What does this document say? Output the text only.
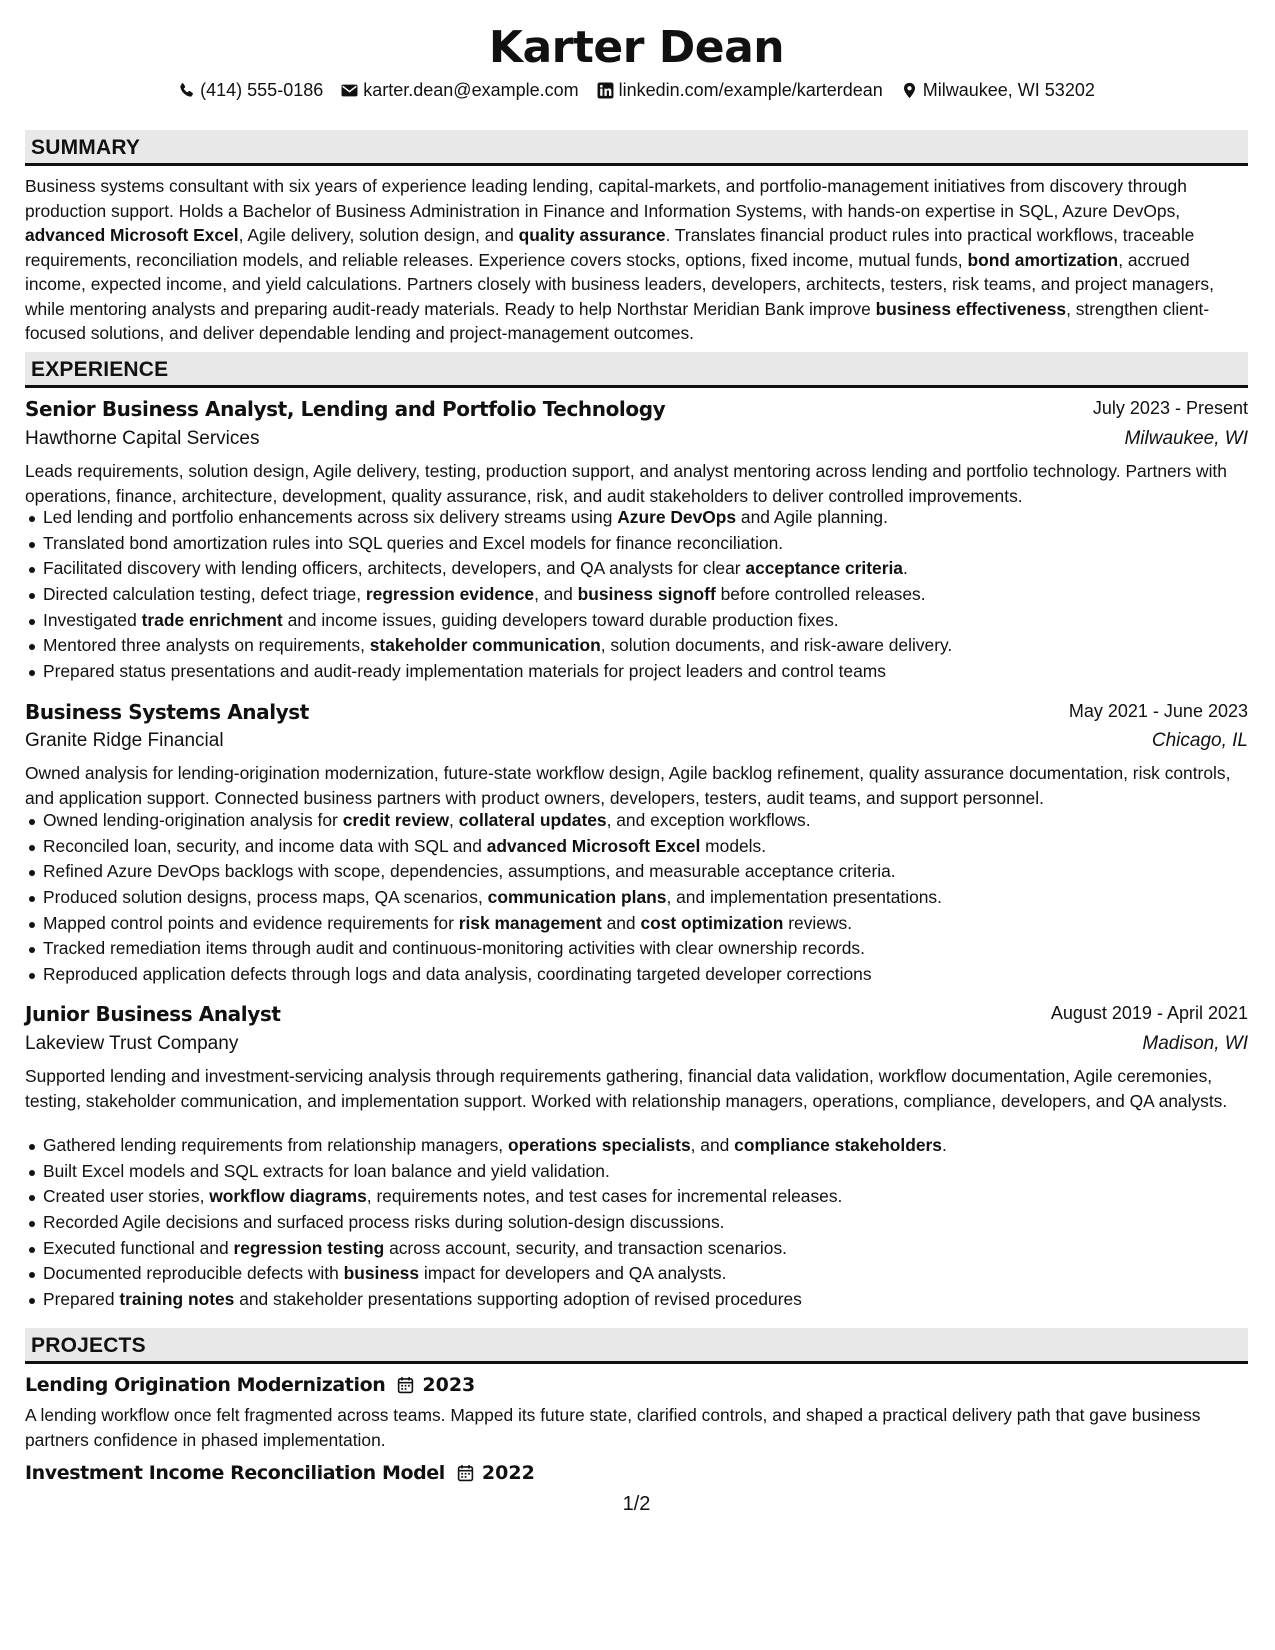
Karter Dean
(414) 555-0186 karter.dean@example.com linkedin.com/example/karterdean Milwaukee, WI 53202
SUMMARY
Business systems consultant with six years of experience leading lending, capital-markets, and portfolio-management initiatives from discovery through production support. Holds a Bachelor of Business Administration in Finance and Information Systems, with hands-on expertise in SQL, Azure DevOps, advanced Microsoft Excel, Agile delivery, solution design, and quality assurance. Translates financial product rules into practical workflows, traceable requirements, reconciliation models, and reliable releases. Experience covers stocks, options, fixed income, mutual funds, bond amortization, accrued income, expected income, and yield calculations. Partners closely with business leaders, developers, architects, testers, risk teams, and project managers, while mentoring analysts and preparing audit-ready materials. Ready to help Northstar Meridian Bank improve business effectiveness, strengthen client-focused solutions, and deliver dependable lending and project-management outcomes.
EXPERIENCE
Senior Business Analyst, Lending and Portfolio Technology	July 2023 - Present
Hawthorne Capital Services	Milwaukee, WI
Leads requirements, solution design, Agile delivery, testing, production support, and analyst mentoring across lending and portfolio technology. Partners with operations, finance, architecture, development, quality assurance, risk, and audit stakeholders to deliver controlled improvements.
Led lending and portfolio enhancements across six delivery streams using Azure DevOps and Agile planning.
Translated bond amortization rules into SQL queries and Excel models for finance reconciliation.
Facilitated discovery with lending officers, architects, developers, and QA analysts for clear acceptance criteria.
Directed calculation testing, defect triage, regression evidence, and business signoff before controlled releases.
Investigated trade enrichment and income issues, guiding developers toward durable production fixes.
Mentored three analysts on requirements, stakeholder communication, solution documents, and risk-aware delivery.
Prepared status presentations and audit-ready implementation materials for project leaders and control teams
Business Systems Analyst	May 2021 - June 2023
Granite Ridge Financial	Chicago, IL
Owned analysis for lending-origination modernization, future-state workflow design, Agile backlog refinement, quality assurance documentation, risk controls, and application support. Connected business partners with product owners, developers, testers, audit teams, and support personnel.
Owned lending-origination analysis for credit review, collateral updates, and exception workflows.
Reconciled loan, security, and income data with SQL and advanced Microsoft Excel models.
Refined Azure DevOps backlogs with scope, dependencies, assumptions, and measurable acceptance criteria.
Produced solution designs, process maps, QA scenarios, communication plans, and implementation presentations.
Mapped control points and evidence requirements for risk management and cost optimization reviews.
Tracked remediation items through audit and continuous-monitoring activities with clear ownership records.
Reproduced application defects through logs and data analysis, coordinating targeted developer corrections
Junior Business Analyst	August 2019 - April 2021
Lakeview Trust Company	Madison, WI
Supported lending and investment-servicing analysis through requirements gathering, financial data validation, workflow documentation, Agile ceremonies, testing, stakeholder communication, and implementation support. Worked with relationship managers, operations, compliance, developers, and QA analysts.
Gathered lending requirements from relationship managers, operations specialists, and compliance stakeholders.
Built Excel models and SQL extracts for loan balance and yield validation.
Created user stories, workflow diagrams, requirements notes, and test cases for incremental releases.
Recorded Agile decisions and surfaced process risks during solution-design discussions.
Executed functional and regression testing across account, security, and transaction scenarios.
Documented reproducible defects with business impact for developers and QA analysts.
Prepared training notes and stakeholder presentations supporting adoption of revised procedures
PROJECTS
Lending Origination Modernization 2023
A lending workflow once felt fragmented across teams. Mapped its future state, clarified controls, and shaped a practical delivery path that gave business partners confidence in phased implementation.
Investment Income Reconciliation Model 2022
1/2
